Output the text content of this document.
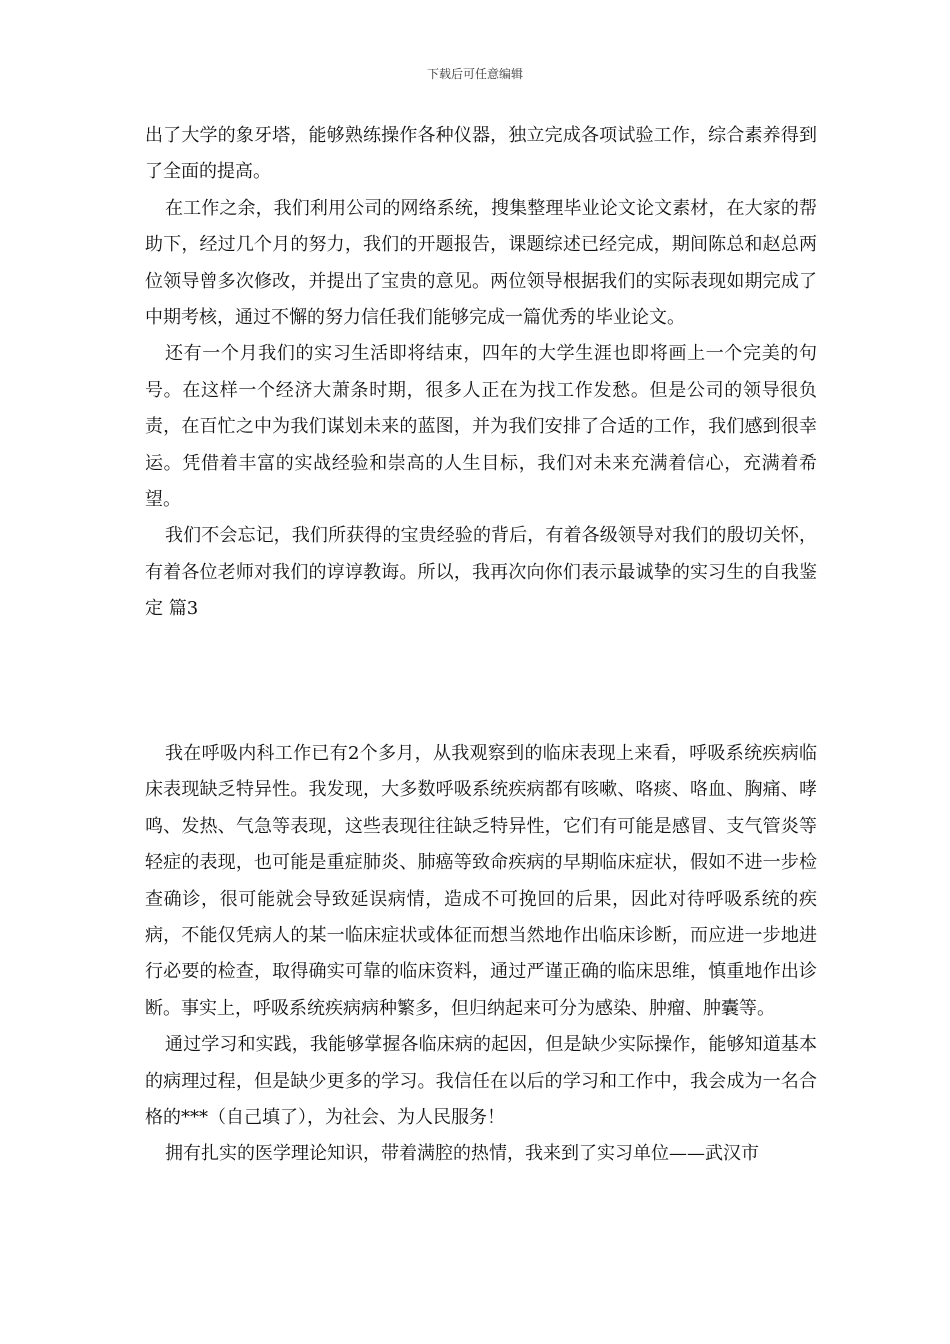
下载后可任意编辑

出了大学的象牙塔，能够熟练操作各种仪器，独立完成各项试验工作，综合素养得到了全面的提高。

在工作之余，我们利用公司的网络系统，搜集整理毕业论文论文素材，在大家的帮助下，经过几个月的努力，我们的开题报告，课题综述已经完成，期间陈总和赵总两位领导曾多次修改，并提出了宝贵的意见。两位领导根据我们的实际表现如期完成了中期考核，通过不懈的努力信任我们能够完成一篇优秀的毕业论文。

还有一个月我们的实习生活即将结束，四年的大学生涯也即将画上一个完美的句号。在这样一个经济大萧条时期，很多人正在为找工作发愁。但是公司的领导很负责，在百忙之中为我们谋划未来的蓝图，并为我们安排了合适的工作，我们感到很幸运。凭借着丰富的实战经验和崇高的人生目标，我们对未来充满着信心，充满着希望。

我们不会忘记，我们所获得的宝贵经验的背后，有着各级领导对我们的殷切关怀，有着各位老师对我们的谆谆教诲。所以，我再次向你们表示最诚挚的实习生的自我鉴定 篇3

我在呼吸内科工作已有2个多月，从我观察到的临床表现上来看，呼吸系统疾病临床表现缺乏特异性。我发现，大多数呼吸系统疾病都有咳嗽、咯痰、咯血、胸痛、哮鸣、发热、气急等表现，这些表现往往缺乏特异性，它们有可能是感冒、支气管炎等轻症的表现，也可能是重症肺炎、肺癌等致命疾病的早期临床症状，假如不进一步检查确诊，很可能就会导致延误病情，造成不可挽回的后果，因此对待呼吸系统的疾病，不能仅凭病人的某一临床症状或体征而想当然地作出临床诊断，而应进一步地进行必要的检查，取得确实可靠的临床资料，通过严谨正确的临床思维，慎重地作出诊断。事实上，呼吸系统疾病病种繁多，但归纳起来可分为感染、肿瘤、肿囊等。

通过学习和实践，我能够掌握各临床病的起因，但是缺少实际操作，能够知道基本的病理过程，但是缺少更多的学习。我信任在以后的学习和工作中，我会成为一名合格的***（自己填了），为社会、为人民服务！

拥有扎实的医学理论知识，带着满腔的热情，我来到了实习单位——武汉市
